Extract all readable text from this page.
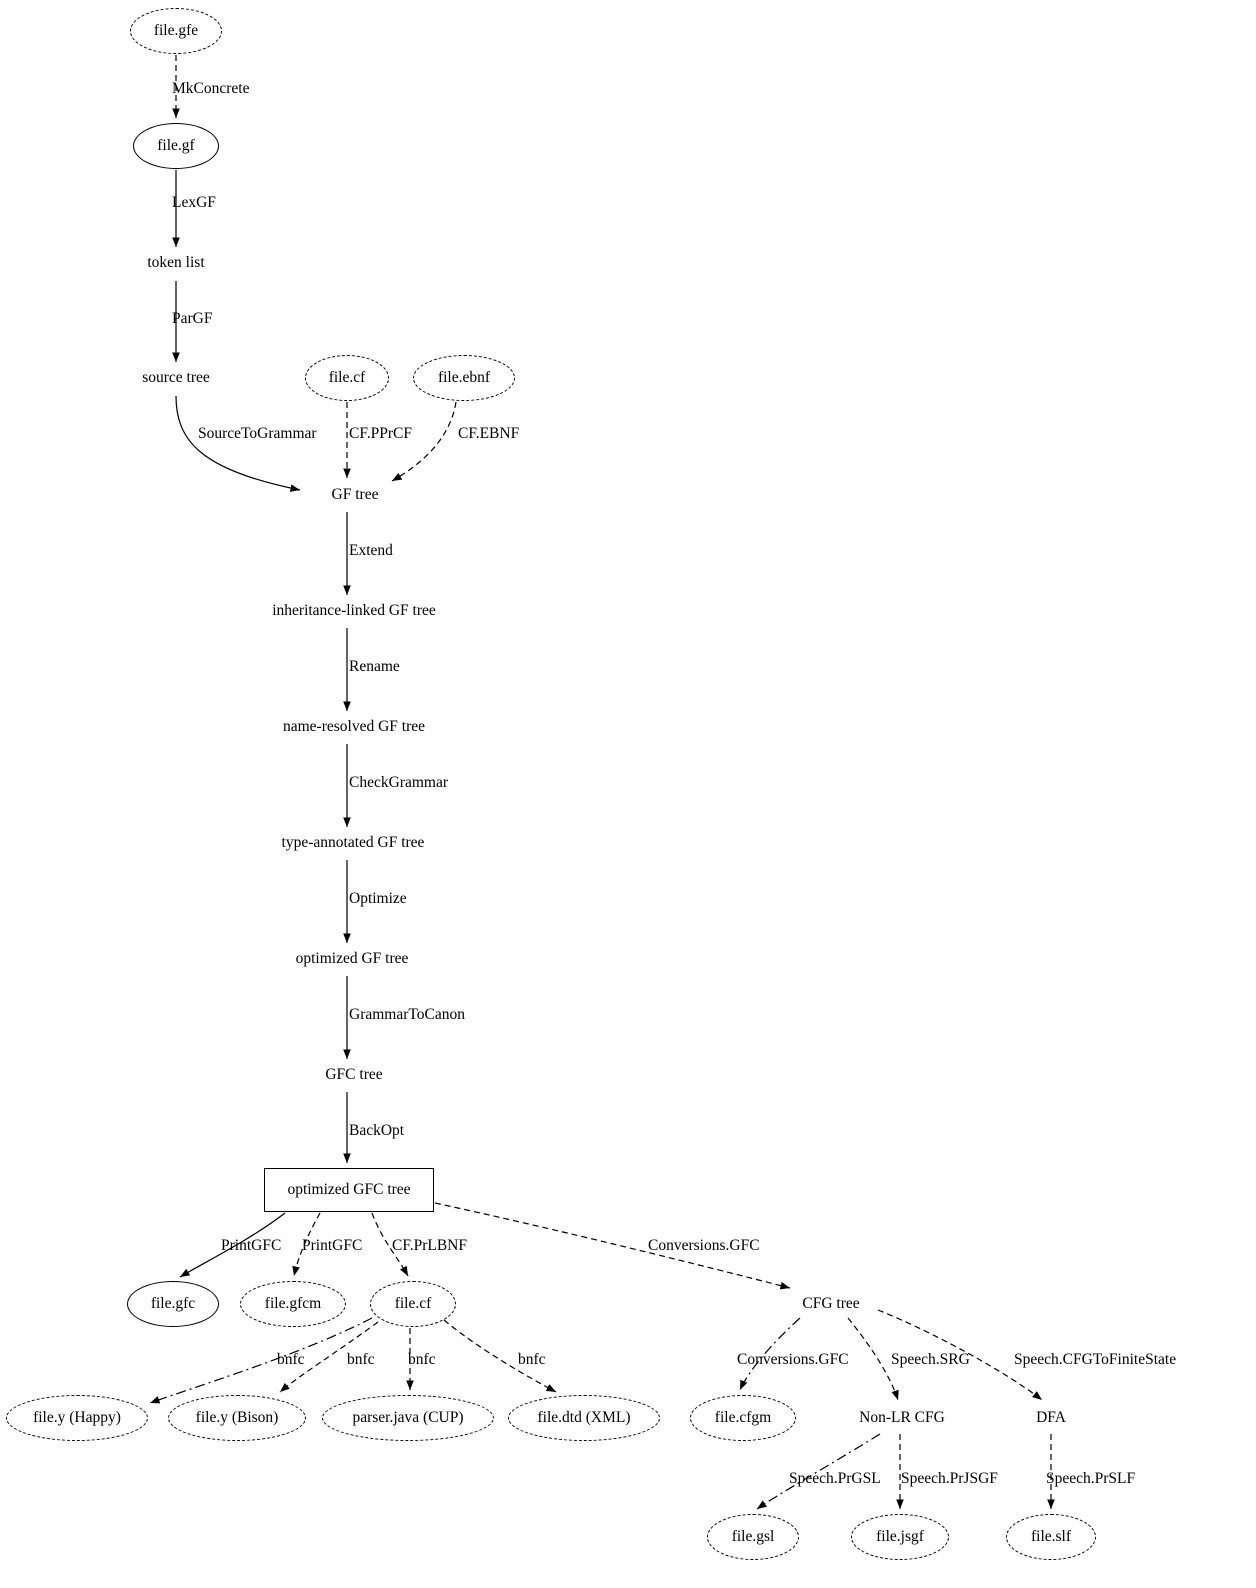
file.gfe
file.gf
token list
source tree	file.cf	file.ebnf
GF tree
inheritance-linked GF tree
name-resolved GF tree
type-annotated GF tree
optimized GF tree
GFC tree
optimized GFC tree
file.gfc	file.gfcm	file.cf	CFG tree
file.y (Happy)	file.y (Bison)	parser.java (CUP)	file.dtd (XML)	file.cfgm	Non-LR CFG	DFA
file.gsl	file.jsgf	file.slf
MkConcrete
LexGF
ParGF
SourceToGrammar CF.PPrCF	CF.EBNF
Extend
Rename
CheckGrammar
Optimize
GrammarToCanon
BackOpt
PrintGFC PrintGFC CF.PrLBNF	Conversions.GFC
bnfc	bnfc bnfc	bnfc	Conversions.GFC	Speech.SRG	Speech.CFGToFiniteState
Speech.PrGSL Speech.PrJSGF	Speech.PrSLF
